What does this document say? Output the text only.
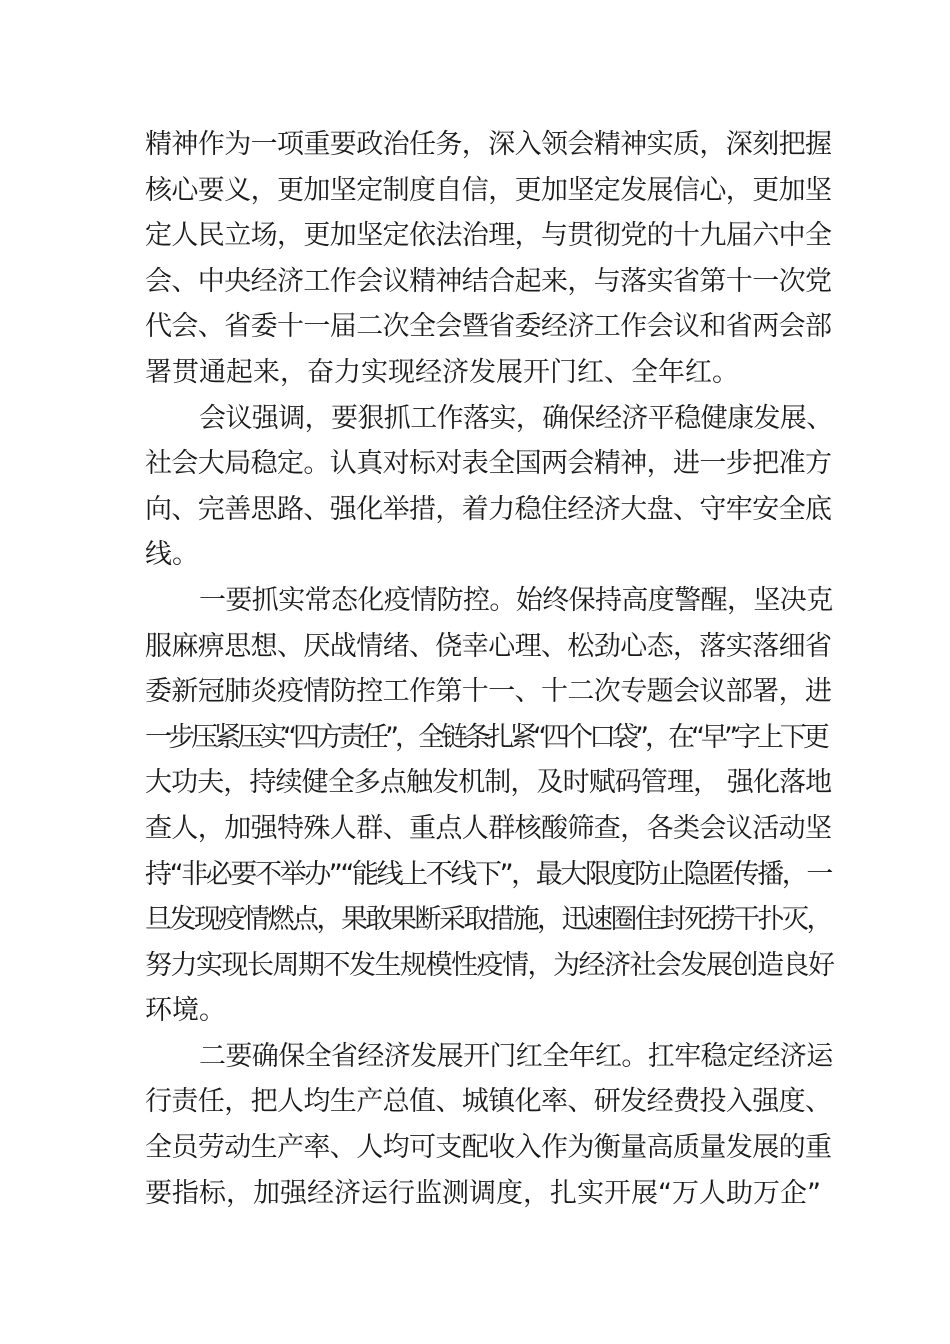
精神作为一项重要政治任务，深入领会精神实质，深刻把握
核心要义，更加坚定制度自信，更加坚定发展信心，更加坚
定人民立场，更加坚定依法治理，与贯彻党的十九届六中全
会、中央经济工作会议精神结合起来，与落实省第十一次党
代会、省委十一届二次全会暨省委经济工作会议和省两会部
署贯通起来，奋力实现经济发展开门红、全年红。
会议强调，要狠抓工作落实，确保经济平稳健康发展、
社会大局稳定。认真对标对表全国两会精神，进一步把准方
向、完善思路、强化举措，着力稳住经济大盘、守牢安全底
线。
一要抓实常态化疫情防控。始终保持高度警醒，坚决克
服麻痹思想、厌战情绪、侥幸心理、松劲心态，落实落细省
委新冠肺炎疫情防控工作第十一、十二次专题会议部署，进
一步压紧压实“四方责任”，全链条扎紧“四个口袋”，在“早”字上下更
大功夫，持续健全多点触发机制，及时赋码管理， 强化落地
查人，加强特殊人群、重点人群核酸筛查，各类会议活动坚
持“非必要不举办”“能线上不线下”，最大限度防止隐匿传播，一
旦发现疫情燃点，果敢果断采取措施，迅速圈住封死捞干扑灭，
努力实现长周期不发生规模性疫情，为经济社会发展创造良好
环境。
二要确保全省经济发展开门红全年红。扛牢稳定经济运
行责任，把人均生产总值、城镇化率、研发经费投入强度、
全员劳动生产率、人均可支配收入作为衡量高质量发展的重
要指标，加强经济运行监测调度，扎实开展“万人助万企”
